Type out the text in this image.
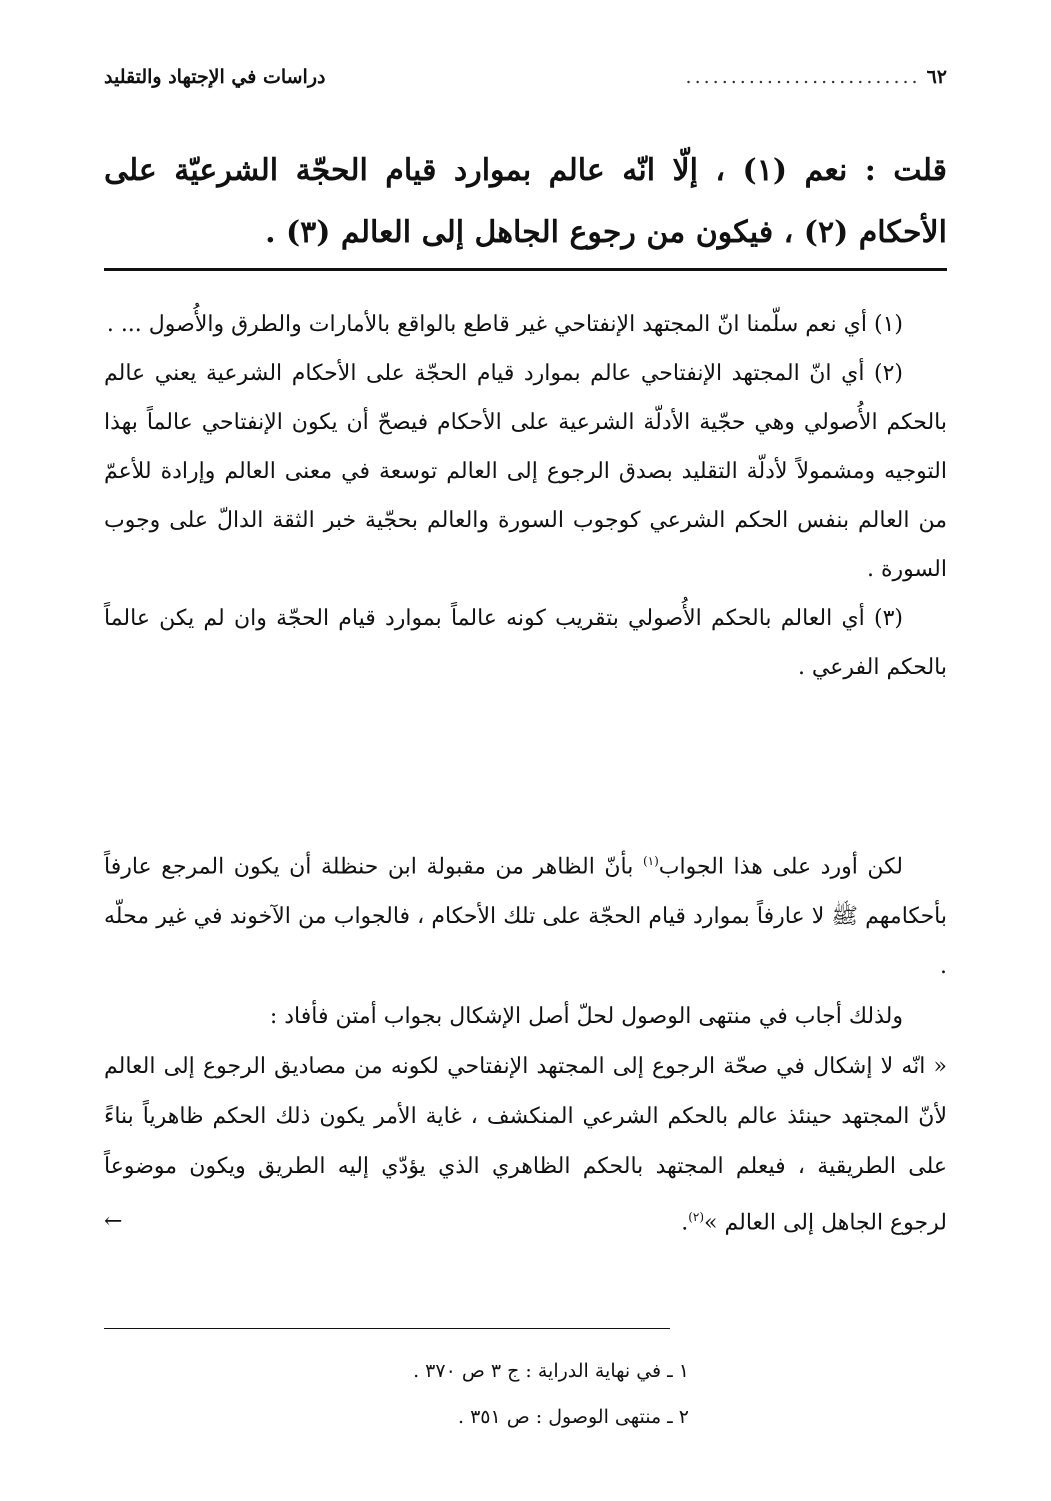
٦٢
..........................
دراسات في الإجتهاد والتقليد

قلت : نعم (١) ، إلّا انّه عالم بموارد قيام الحجّة الشرعيّة على الأحكام (٢) ، فيكون من رجوع الجاهل إلى العالم (٣) .

(١) أي نعم سلّمنا انّ المجتهد الإنفتاحي غير قاطع بالواقع بالأمارات والطرق والأُصول ... .

(٢) أي انّ المجتهد الإنفتاحي عالم بموارد قيام الحجّة على الأحكام الشرعية يعني عالم بالحكم الأُصولي وهي حجّية الأدلّة الشرعية على الأحكام فيصحّ أن يكون الإنفتاحي عالماً بهذا التوجيه ومشمولاً لأدلّة التقليد بصدق الرجوع إلى العالم توسعة في معنى العالم وإرادة للأعمّ من العالم بنفس الحكم الشرعي كوجوب السورة والعالم بحجّية خبر الثقة الدالّ على وجوب السورة .

(٣) أي العالم بالحكم الأُصولي بتقريب كونه عالماً بموارد قيام الحجّة وان لم يكن عالماً بالحكم الفرعي .

لكن أورد على هذا الجواب$^{(١)}$ بأنّ الظاهر من مقبولة ابن حنظلة أن يكون المرجع عارفاً بأحكامهم ﷺ لا عارفاً بموارد قيام الحجّة على تلك الأحكام ، فالجواب من الآخوند في غير محلّه .

ولذلك أجاب في منتهى الوصول لحلّ أصل الإشكال بجواب أمتن فأفاد :

« انّه لا إشكال في صحّة الرجوع إلى المجتهد الإنفتاحي لكونه من مصاديق الرجوع إلى العالم لأنّ المجتهد حينئذ عالم بالحكم الشرعي المنكشف ، غاية الأمر يكون ذلك الحكم ظاهرياً بناءً على الطريقية ، فيعلم المجتهد بالحكم الظاهري الذي يؤدّي إليه الطريق ويكون موضوعاً لرجوع الجاهل إلى العالم »$^{(٢)}$.
←

١ ـ في نهاية الدراية : ج ٣ ص ٣٧٠ .

٢ ـ منتهى الوصول : ص ٣٥١ .
